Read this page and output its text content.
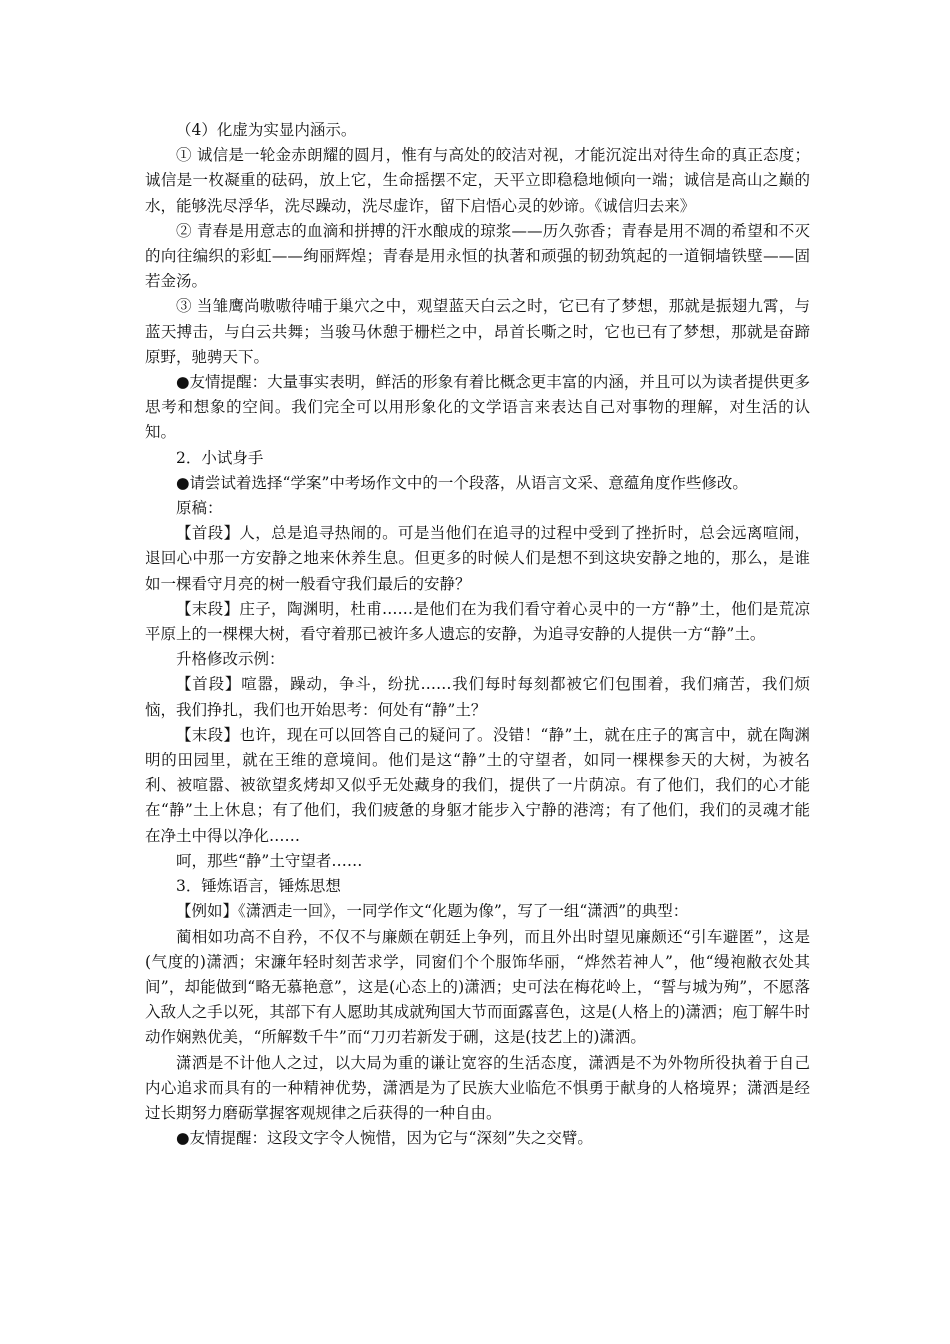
（4）化虚为实显内涵示。

① 诚信是一轮金赤朗耀的圆月，惟有与高处的皎洁对视，才能沉淀出对待生命的真正态度；诚信是一枚凝重的砝码，放上它，生命摇摆不定，天平立即稳稳地倾向一端；诚信是高山之巅的水，能够洗尽浮华，洗尽躁动，洗尽虚诈，留下启悟心灵的妙谛。《诚信归去来》

② 青春是用意志的血滴和拼搏的汗水酿成的琼浆——历久弥香；青春是用不凋的希望和不灭的向往编织的彩虹——绚丽辉煌；青春是用永恒的执著和顽强的韧劲筑起的一道铜墙铁壁——固若金汤。

③ 当雏鹰尚嗷嗷待哺于巢穴之中，观望蓝天白云之时，它已有了梦想，那就是振翅九霄，与蓝天搏击，与白云共舞；当骏马休憩于栅栏之中，昂首长嘶之时，它也已有了梦想，那就是奋蹄原野，驰骋天下。

●友情提醒：大量事实表明，鲜活的形象有着比概念更丰富的内涵，并且可以为读者提供更多思考和想象的空间。我们完全可以用形象化的文学语言来表达自己对事物的理解，对生活的认知。

2．小试身手

●请尝试着选择“学案”中考场作文中的一个段落，从语言文采、意蕴角度作些修改。

原稿：

【首段】人，总是追寻热闹的。可是当他们在追寻的过程中受到了挫折时，总会远离喧闹，退回心中那一方安静之地来休养生息。但更多的时候人们是想不到这块安静之地的，那么，是谁如一棵看守月亮的树一般看守我们最后的安静？

【末段】庄子，陶渊明，杜甫……是他们在为我们看守着心灵中的一方“静”土，他们是荒凉平原上的一棵棵大树，看守着那已被许多人遗忘的安静，为追寻安静的人提供一方“静”土。

升格修改示例：

【首段】喧嚣，躁动，争斗，纷扰……我们每时每刻都被它们包围着，我们痛苦，我们烦恼，我们挣扎，我们也开始思考：何处有“静”土？

【末段】也许，现在可以回答自己的疑问了。没错！“静”土，就在庄子的寓言中，就在陶渊明的田园里，就在王维的意境间。他们是这“静”土的守望者，如同一棵棵参天的大树，为被名利、被喧嚣、被欲望炙烤却又似乎无处藏身的我们，提供了一片荫凉。有了他们，我们的心才能在“静”土上休息；有了他们，我们疲惫的身躯才能步入宁静的港湾；有了他们，我们的灵魂才能在净土中得以净化……

呵，那些“静”土守望者……

3．锤炼语言，锤炼思想

【例如】《潇洒走一回》，一同学作文“化题为像”，写了一组“潇洒”的典型：

蔺相如功高不自矜，不仅不与廉颇在朝廷上争列，而且外出时望见廉颇还“引车避匿”，这是(气度的)潇洒；宋濂年轻时刻苦求学，同窗们个个服饰华丽，“烨然若神人”，他“缦袍敝衣处其间”，却能做到“略无慕艳意”，这是(心态上的)潇洒；史可法在梅花岭上，“誓与城为殉”，不愿落入敌人之手以死，其部下有人愿助其成就殉国大节而面露喜色，这是(人格上的)潇洒；庖丁解牛时动作娴熟优美，“所解数千牛”而“刀刃若新发于硎，这是(技艺上的)潇洒。

潇洒是不计他人之过，以大局为重的谦让宽容的生活态度，潇洒是不为外物所役执着于自己内心追求而具有的一种精神优势，潇洒是为了民族大业临危不惧勇于献身的人格境界；潇洒是经过长期努力磨砺掌握客观规律之后获得的一种自由。

●友情提醒：这段文字令人惋惜，因为它与“深刻”失之交臂。
